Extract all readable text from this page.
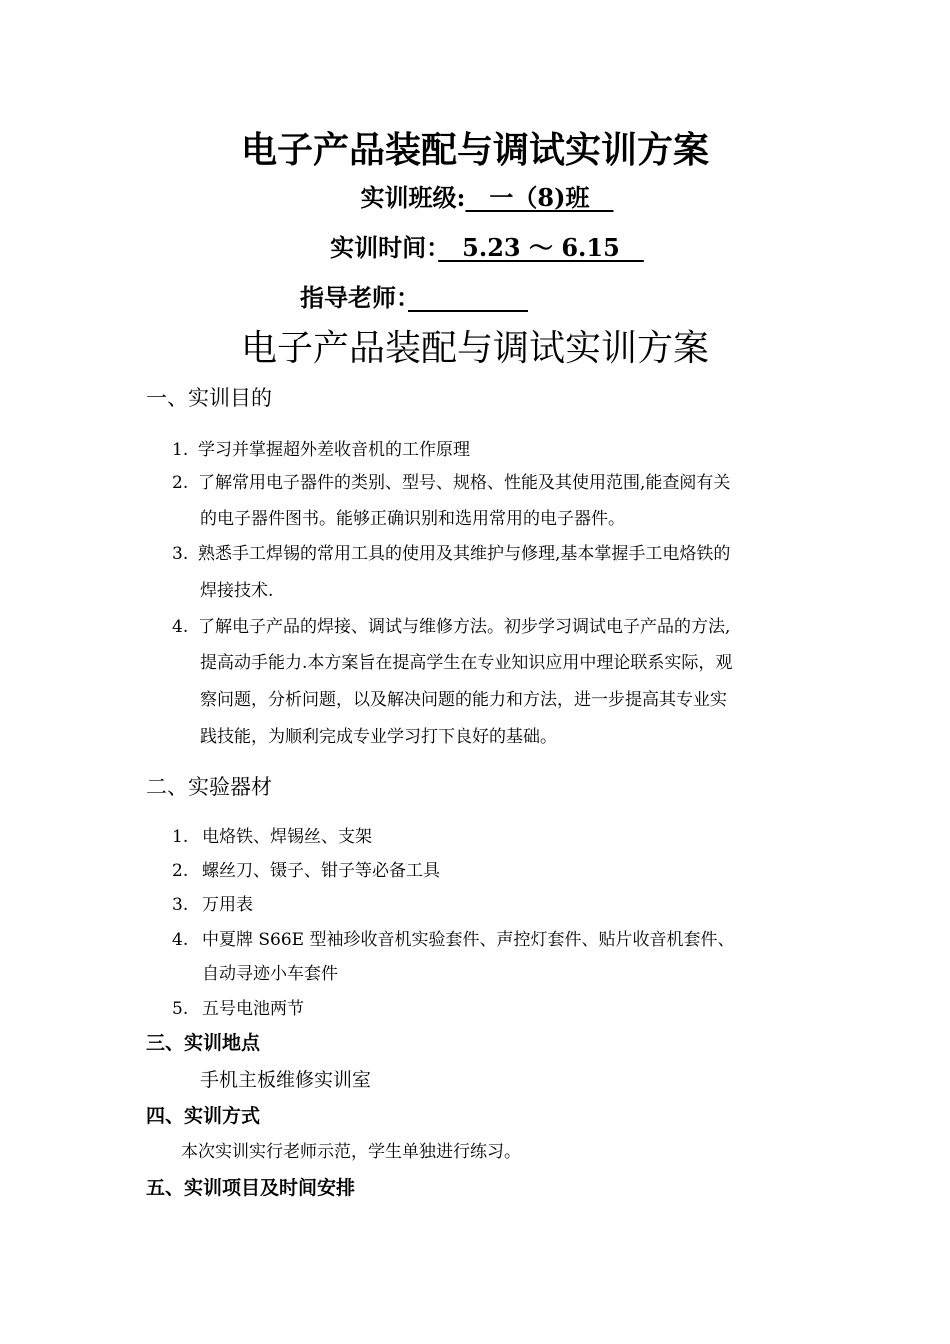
电子产品装配与调试实训方案
实训班级:　一（8)班　
实训时间：　5.23 ～ 6.15　
指导老师：　　　　　
电子产品装配与调试实训方案
一、实训目的
1. 学习并掌握超外差收音机的工作原理
2. 了解常用电子器件的类别、型号、规格、性能及其使用范围,能查阅有关
的电子器件图书。能够正确识别和选用常用的电子器件。
3. 熟悉手工焊锡的常用工具的使用及其维护与修理,基本掌握手工电烙铁的
焊接技术.
4. 了解电子产品的焊接、调试与维修方法。初步学习调试电子产品的方法,
提高动手能力.本方案旨在提高学生在专业知识应用中理论联系实际，观
察问题，分析问题，以及解决问题的能力和方法，进一步提高其专业实
践技能，为顺利完成专业学习打下良好的基础。
二、实验器材
1. 电烙铁、焊锡丝、支架
2. 螺丝刀、镊子、钳子等必备工具
3. 万用表
4. 中夏牌 S66E 型袖珍收音机实验套件、声控灯套件、贴片收音机套件、
自动寻迹小车套件
5. 五号电池两节
三、实训地点
手机主板维修实训室
四、实训方式
本次实训实行老师示范，学生单独进行练习。
五、实训项目及时间安排
